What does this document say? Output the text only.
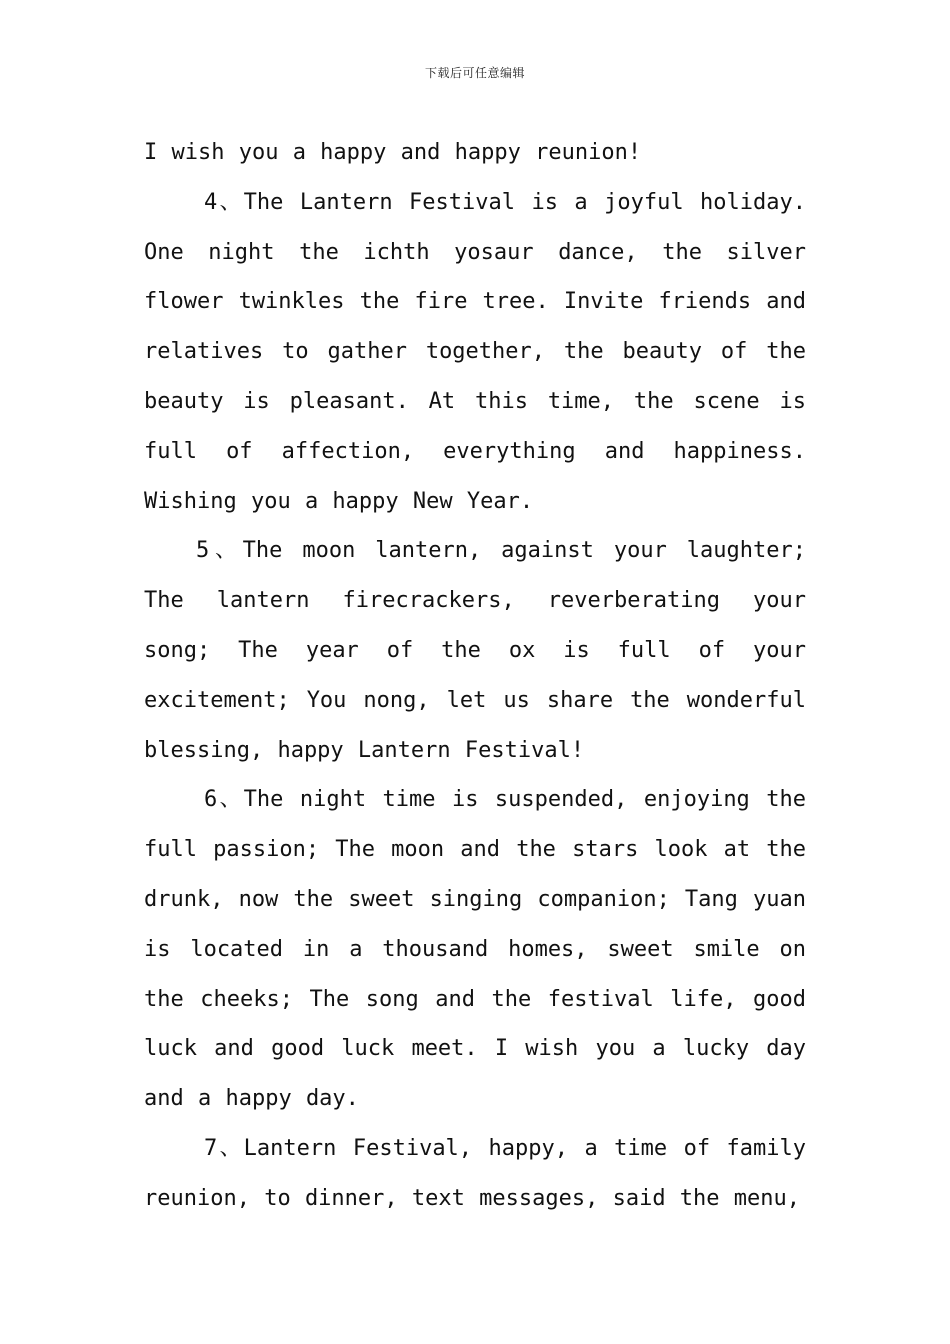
下载后可任意编辑

I wish you a happy and happy reunion!

4、The Lantern Festival is a joyful holiday. One night the ichth yosaur dance, the silver flower twinkles the fire tree. Invite friends and relatives to gather together, the beauty of the beauty is pleasant. At this time, the scene is full of affection, everything and happiness. Wishing you a happy New Year.

5、The moon lantern, against your laughter; The lantern firecrackers, reverberating your song; The year of the ox is full of your excitement; You nong, let us share the wonderful blessing, happy Lantern Festival!

6、The night time is suspended, enjoying the full passion; The moon and the stars look at the drunk, now the sweet singing companion; Tang yuan is located in a thousand homes, sweet smile on the cheeks; The song and the festival life, good luck and good luck meet. I wish you a lucky day and a happy day.

7、Lantern Festival, happy, a time of family reunion, to dinner, text messages, said the menu,
